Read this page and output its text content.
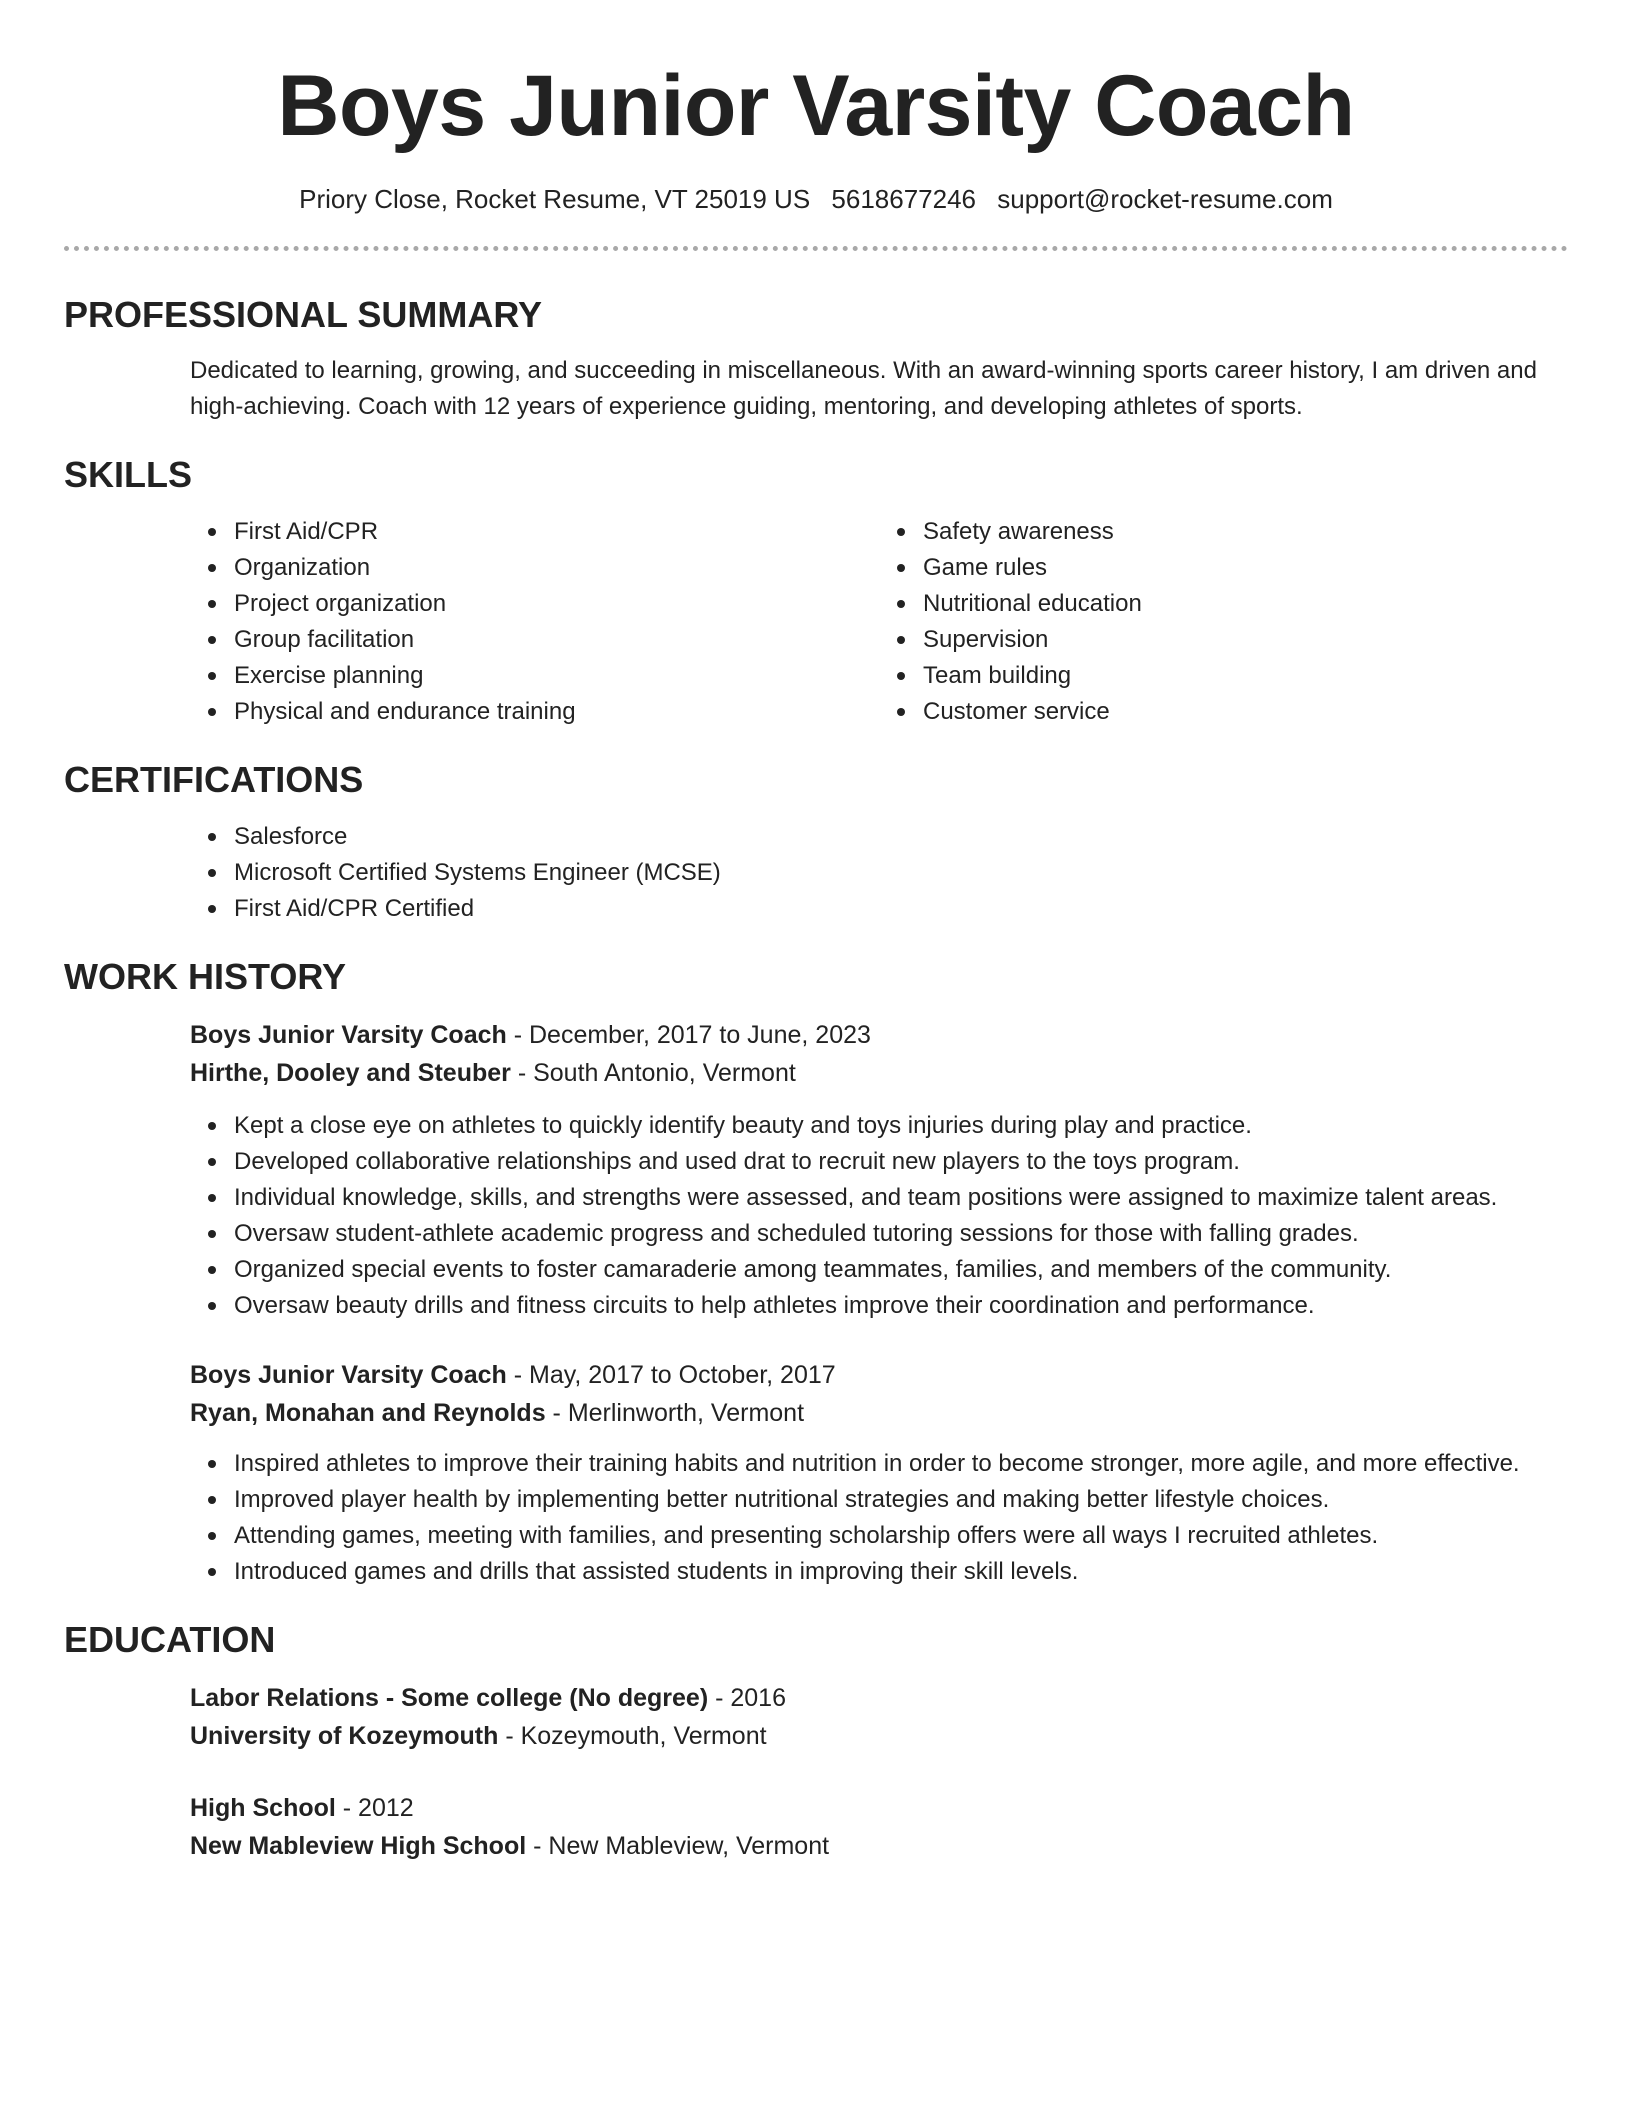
Boys Junior Varsity Coach
Priory Close, Rocket Resume, VT 25019 US 5618677246 support@rocket-resume.com
PROFESSIONAL SUMMARY

Dedicated to learning, growing, and succeeding in miscellaneous. With an award-winning sports career history, I am driven and high-achieving. Coach with 12 years of experience guiding, mentoring, and developing athletes of sports.

SKILLS
First Aid/CPR
Organization
Project organization
Group facilitation
Exercise planning
Physical and endurance training
Safety awareness
Game rules
Nutritional education
Supervision
Team building
Customer service
CERTIFICATIONS
Salesforce
Microsoft Certified Systems Engineer (MCSE)
First Aid/CPR Certified
WORK HISTORY
Boys Junior Varsity Coach - December, 2017 to June, 2023
Hirthe, Dooley and Steuber - South Antonio, Vermont
Kept a close eye on athletes to quickly identify beauty and toys injuries during play and practice.
Developed collaborative relationships and used drat to recruit new players to the toys program.
Individual knowledge, skills, and strengths were assessed, and team positions were assigned to maximize talent areas.
Oversaw student-athlete academic progress and scheduled tutoring sessions for those with falling grades.
Organized special events to foster camaraderie among teammates, families, and members of the community.
Oversaw beauty drills and fitness circuits to help athletes improve their coordination and performance.
Boys Junior Varsity Coach - May, 2017 to October, 2017
Ryan, Monahan and Reynolds - Merlinworth, Vermont
Inspired athletes to improve their training habits and nutrition in order to become stronger, more agile, and more effective.
Improved player health by implementing better nutritional strategies and making better lifestyle choices.
Attending games, meeting with families, and presenting scholarship offers were all ways I recruited athletes.
Introduced games and drills that assisted students in improving their skill levels.
EDUCATION
Labor Relations - Some college (No degree) - 2016
University of Kozeymouth - Kozeymouth, Vermont
High School - 2012
New Mableview High School - New Mableview, Vermont
